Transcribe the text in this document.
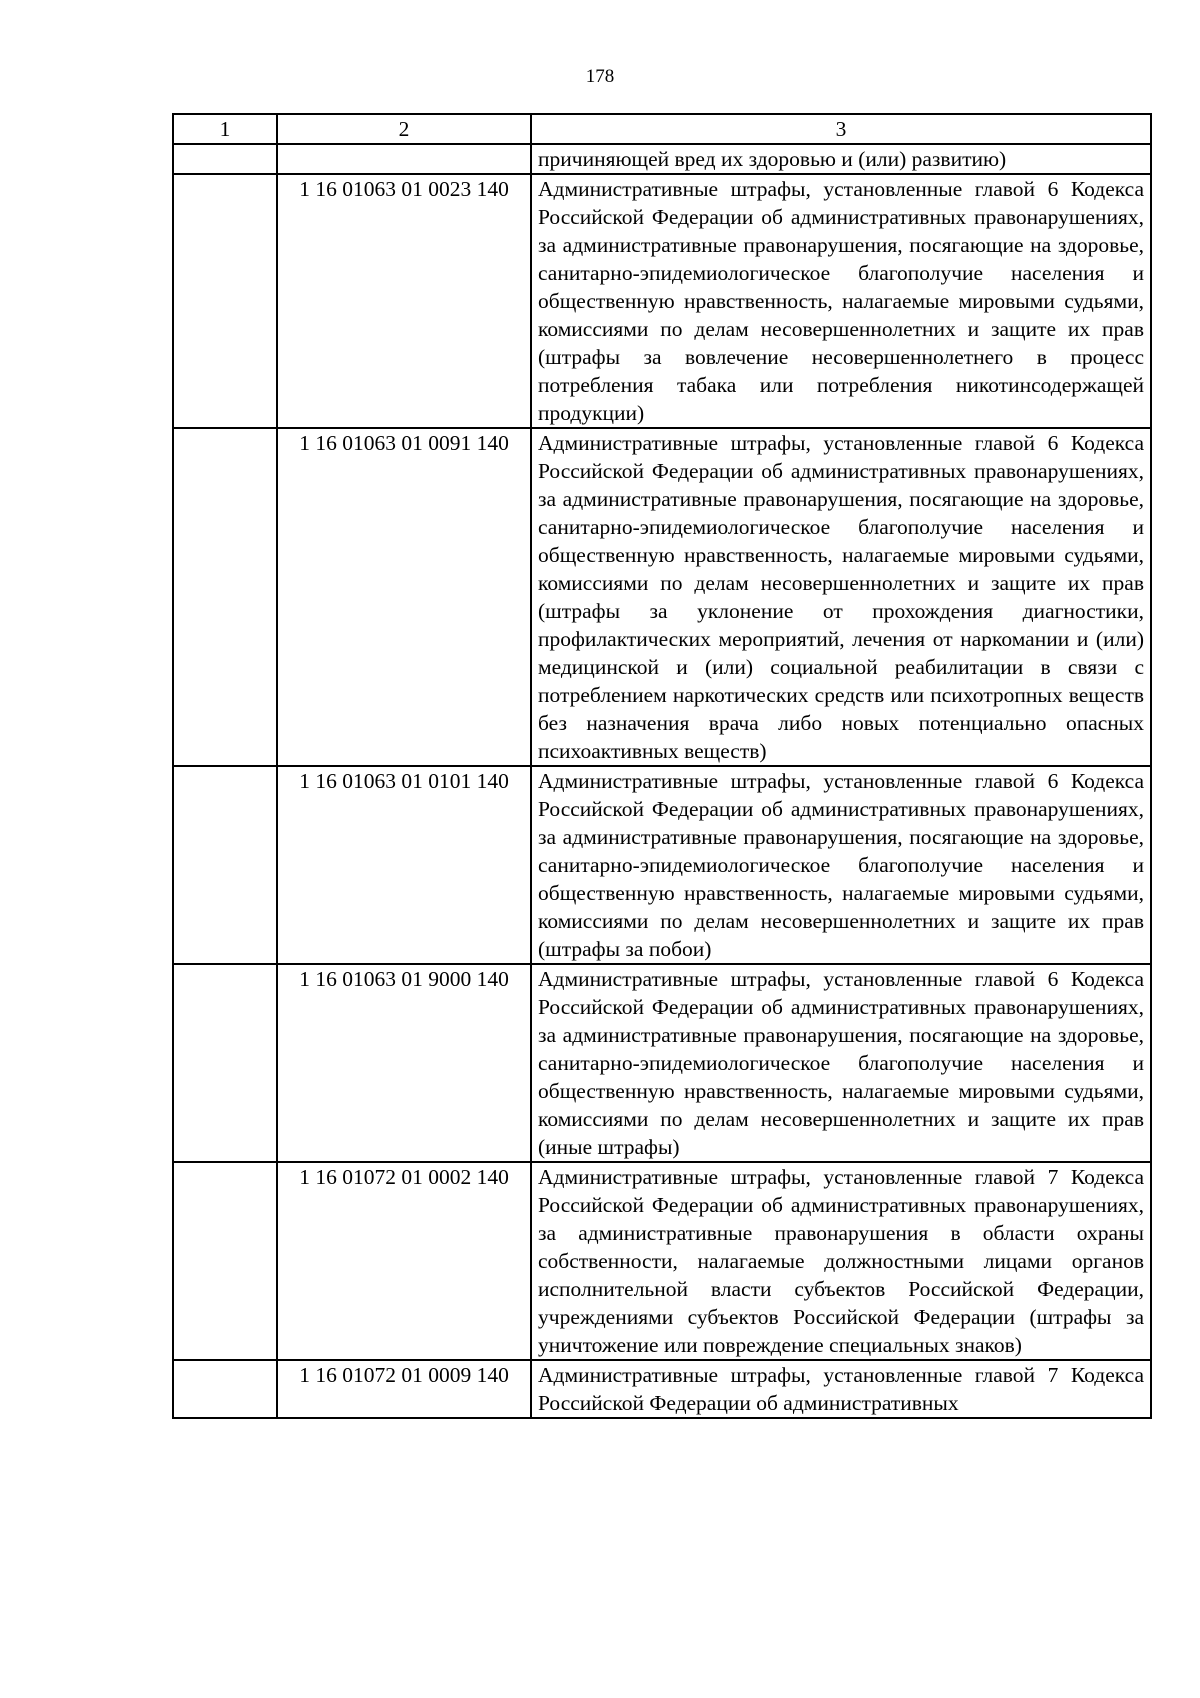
178
1	2	3
		причиняющей вред их здоровью и (или) развитию)
	1 16 01063 01 0023 140	Административные штрафы, установленные главой 6 Кодекса Российской Федерации об административных правонарушениях, за административные правонарушения, посягающие на здоровье, санитарно-эпидемиологическое благополучие населения и общественную нравственность, налагаемые мировыми судьями, комиссиями по делам несовершеннолетних и защите их прав (штрафы за вовлечение несовершеннолетнего в процесс потребления табака или потребления никотинсодержащей продукции)
	1 16 01063 01 0091 140	Административные штрафы, установленные главой 6 Кодекса Российской Федерации об административных правонарушениях, за административные правонарушения, посягающие на здоровье, санитарно-эпидемиологическое благополучие населения и общественную нравственность, налагаемые мировыми судьями, комиссиями по делам несовершеннолетних и защите их прав (штрафы за уклонение от прохождения диагностики, профилактических мероприятий, лечения от наркомании и (или) медицинской и (или) социальной реабилитации в связи с потреблением наркотических средств или психотропных веществ без назначения врача либо новых потенциально опасных психоактивных веществ)
	1 16 01063 01 0101 140	Административные штрафы, установленные главой 6 Кодекса Российской Федерации об административных правонарушениях, за административные правонарушения, посягающие на здоровье, санитарно-эпидемиологическое благополучие населения и общественную нравственность, налагаемые мировыми судьями, комиссиями по делам несовершеннолетних и защите их прав (штрафы за побои)
	1 16 01063 01 9000 140	Административные штрафы, установленные главой 6 Кодекса Российской Федерации об административных правонарушениях, за административные правонарушения, посягающие на здоровье, санитарно-эпидемиологическое благополучие населения и общественную нравственность, налагаемые мировыми судьями, комиссиями по делам несовершеннолетних и защите их прав (иные штрафы)
	1 16 01072 01 0002 140	Административные штрафы, установленные главой 7 Кодекса Российской Федерации об административных правонарушениях, за административные правонарушения в области охраны собственности, налагаемые должностными лицами органов исполнительной власти субъектов Российской Федерации, учреждениями субъектов Российской Федерации (штрафы за уничтожение или повреждение специальных знаков)
	1 16 01072 01 0009 140	Административные штрафы, установленные главой 7 Кодекса Российской Федерации об административных
